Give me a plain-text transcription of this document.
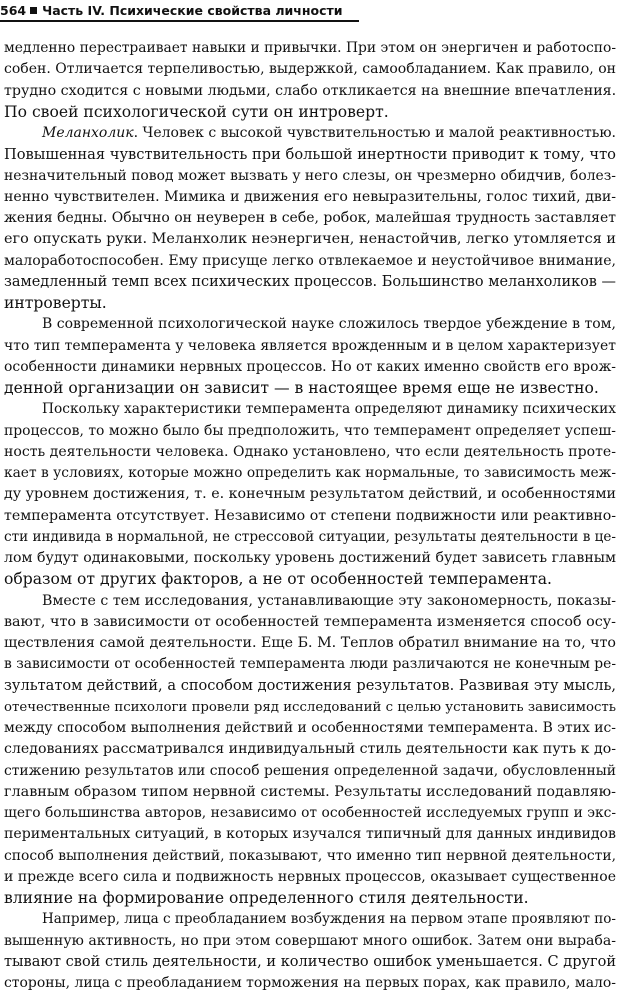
564 Часть IV. Психические свойства личности
медленно перестраивает навыки и привычки. При этом он энергичен и работоспо-
собен. Отличается терпеливостью, выдержкой, самообладанием. Как правило, он
трудно сходится с новыми людьми, слабо откликается на внешние впечатления.
По своей психологической сути он интроверт.
Меланхолик. Человек с высокой чувствительностью и малой реактивностью.
Повышенная чувствительность при большой инертности приводит к тому, что
незначительный повод может вызвать у него слезы, он чрезмерно обидчив, болез-
ненно чувствителен. Мимика и движения его невыразительны, голос тихий, дви-
жения бедны. Обычно он неуверен в себе, робок, малейшая трудность заставляет
его опускать руки. Меланхолик неэнергичен, ненастойчив, легко утомляется и
малоработоспособен. Ему присуще легко отвлекаемое и неустойчивое внимание,
замедленный темп всех психических процессов. Большинство меланхоликов —
интроверты.
В современной психологической науке сложилось твердое убеждение в том,
что тип темперамента у человека является врожденным и в целом характеризует
особенности динамики нервных процессов. Но от каких именно свойств его врож-
денной организации он зависит — в настоящее время еще не известно.
Поскольку характеристики темперамента определяют динамику психических
процессов, то можно было бы предположить, что темперамент определяет успеш-
ность деятельности человека. Однако установлено, что если деятельность проте-
кает в условиях, которые можно определить как нормальные, то зависимость меж-
ду уровнем достижения, т. е. конечным результатом действий, и особенностями
темперамента отсутствует. Независимо от степени подвижности или реактивно-
сти индивида в нормальной, не стрессовой ситуации, результаты деятельности в це-
лом будут одинаковыми, поскольку уровень достижений будет зависеть главным
образом от других факторов, а не от особенностей темперамента.
Вместе с тем исследования, устанавливающие эту закономерность, показы-
вают, что в зависимости от особенностей темперамента изменяется способ осу-
ществления самой деятельности. Еще Б. М. Теплов обратил внимание на то, что
в зависимости от особенностей темперамента люди различаются не конечным ре-
зультатом действий, а способом достижения результатов. Развивая эту мысль,
отечественные психологи провели ряд исследований с целью установить зависимость
между способом выполнения действий и особенностями темперамента. В этих ис-
следованиях рассматривался индивидуальный стиль деятельности как путь к до-
стижению результатов или способ решения определенной задачи, обусловленный
главным образом типом нервной системы. Результаты исследований подавляю-
щего большинства авторов, независимо от особенностей исследуемых групп и экс-
периментальных ситуаций, в которых изучался типичный для данных индивидов
способ выполнения действий, показывают, что именно тип нервной деятельности,
и прежде всего сила и подвижность нервных процессов, оказывает существенное
влияние на формирование определенного стиля деятельности.
Например, лица с преобладанием возбуждения на первом этапе проявляют по-
вышенную активность, но при этом совершают много ошибок. Затем они выраба-
тывают свой стиль деятельности, и количество ошибок уменьшается. С другой
стороны, лица с преобладанием торможения на первых порах, как правило, мало-
